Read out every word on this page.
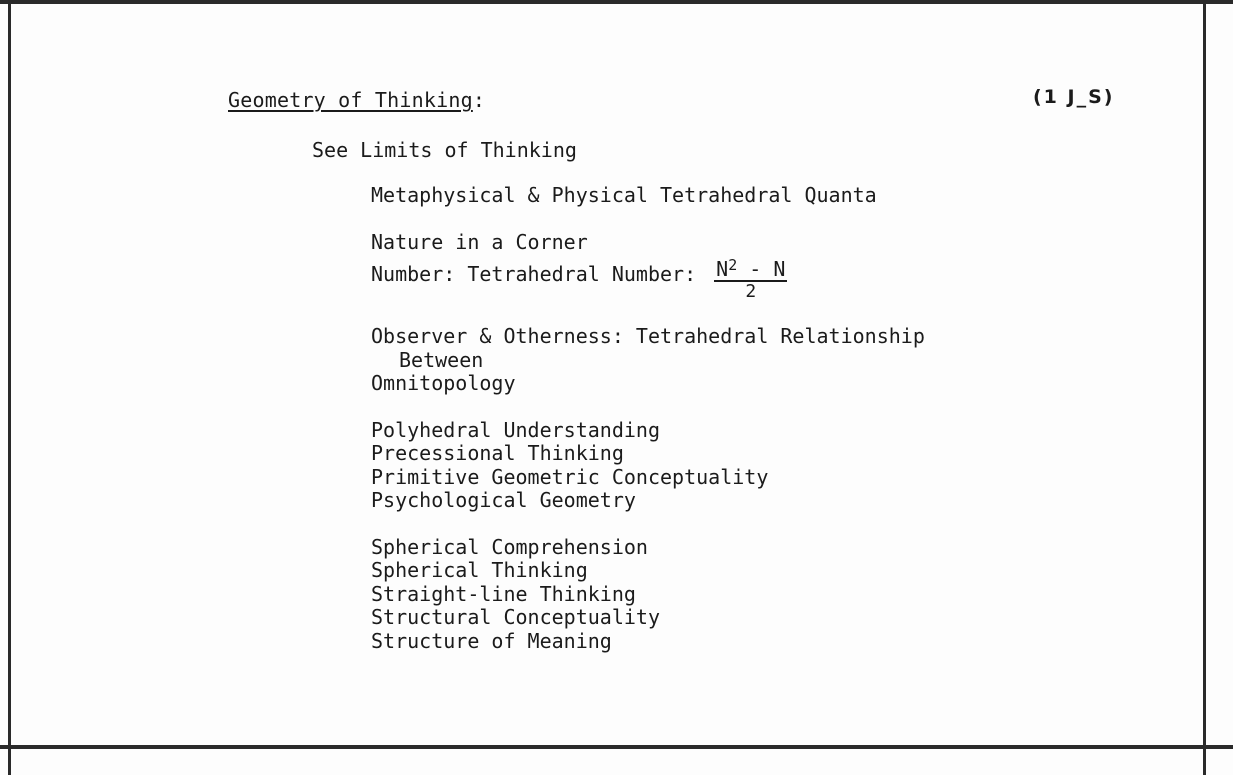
Geometry of Thinking:	(1 J_S)
See Limits of Thinking
Metaphysical & Physical Tetrahedral Quanta
Nature in a Corner
Number: Tetrahedral Number: $\frac{N^2 - N}{2}$
Observer & Otherness: Tetrahedral Relationship
Between
Omnitopology
Polyhedral Understanding
Precessional Thinking
Primitive Geometric Conceptuality
Psychological Geometry
Spherical Comprehension
Spherical Thinking
Straight-line Thinking
Structural Conceptuality
Structure of Meaning
